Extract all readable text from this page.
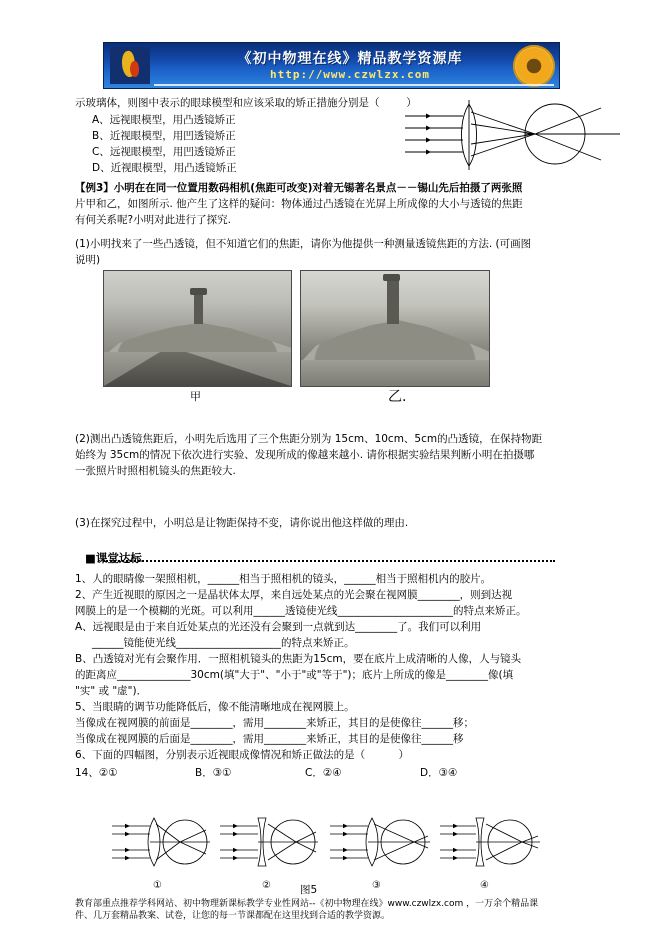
《初中物理在线》精品教学资源库
http://www.czwlzx.com
示玻璃体，则图中表示的眼球模型和应该采取的矫正措施分别是（        ）
A、远视眼模型，用凸透镜矫正
B、近视眼模型，用凹透镜矫正
C、远视眼模型，用凹透镜矫正
D、近视眼模型，用凸透镜矫正
【例3】小明在在同一位置用数码相机(焦距可改变)对着无锡著名景点－－锡山先后拍摄了两张照
片甲和乙，如图所示. 他产生了这样的疑问：物体通过凸透镜在光屏上所成像的大小与透镜的焦距
有何关系呢?小明对此进行了探究.
(1)小明找来了一些凸透镜，但不知道它们的焦距，请你为他提供一种测量透镜焦距的方法. (可画图
说明)
甲	乙.
(2)测出凸透镜焦距后，小明先后选用了三个焦距分别为 15cm、10cm、5cm的凸透镜，在保持物距
始终为 35cm的情况下依次进行实验、发现所成的像越来越小. 请你根据实验结果判断小明在拍摄哪
一张照片时照相机镜头的焦距较大.
(3)在探究过程中，小明总是让物距保持不变，请你说出他这样做的理由.
■课堂达标
1、人的眼睛像一架照相机，______相当于照相机的镜头，______相当于照相机内的胶片。
2、产生近视眼的原因之一是晶状体太厚，来自远处某点的光会聚在视网膜________，则到达视
网膜上的是一个模糊的光斑。可以利用______透镜使光线______________________的特点来矫正。
A、远视眼是由于来自近处某点的光还没有会聚到一点就到达________了。我们可以利用
______镜能使光线____________________的特点来矫正。
B、凸透镜对光有会聚作用．一照相机镜头的焦距为15cm，要在底片上成清晰的人像，人与镜头
的距离应______________30cm(填"大于"、"小于"或"等于")；底片上所成的像是________像(填
"实" 或 "虚")．
5、当眼睛的调节功能降低后，像不能清晰地成在视网膜上。
当像成在视网膜的前面是________，需用________来矫正，其目的是使像往______移；
当像成在视网膜的后面是________，需用________来矫正，其目的是使像往______移
6、下面的四幅图，分别表示近视眼成像情况和矫正做法的是（          ）
14、②①	B．③①	C．②④	D．③④
①	②	③	④
图5
教育部重点推荐学科网站、初中物理新课标教学专业性网站--《初中物理在线》www.czwlzx.com ，一万余个精品课
件、几万套精品教案、试卷，让您的每一节课都配在这里找到合适的教学资源。
